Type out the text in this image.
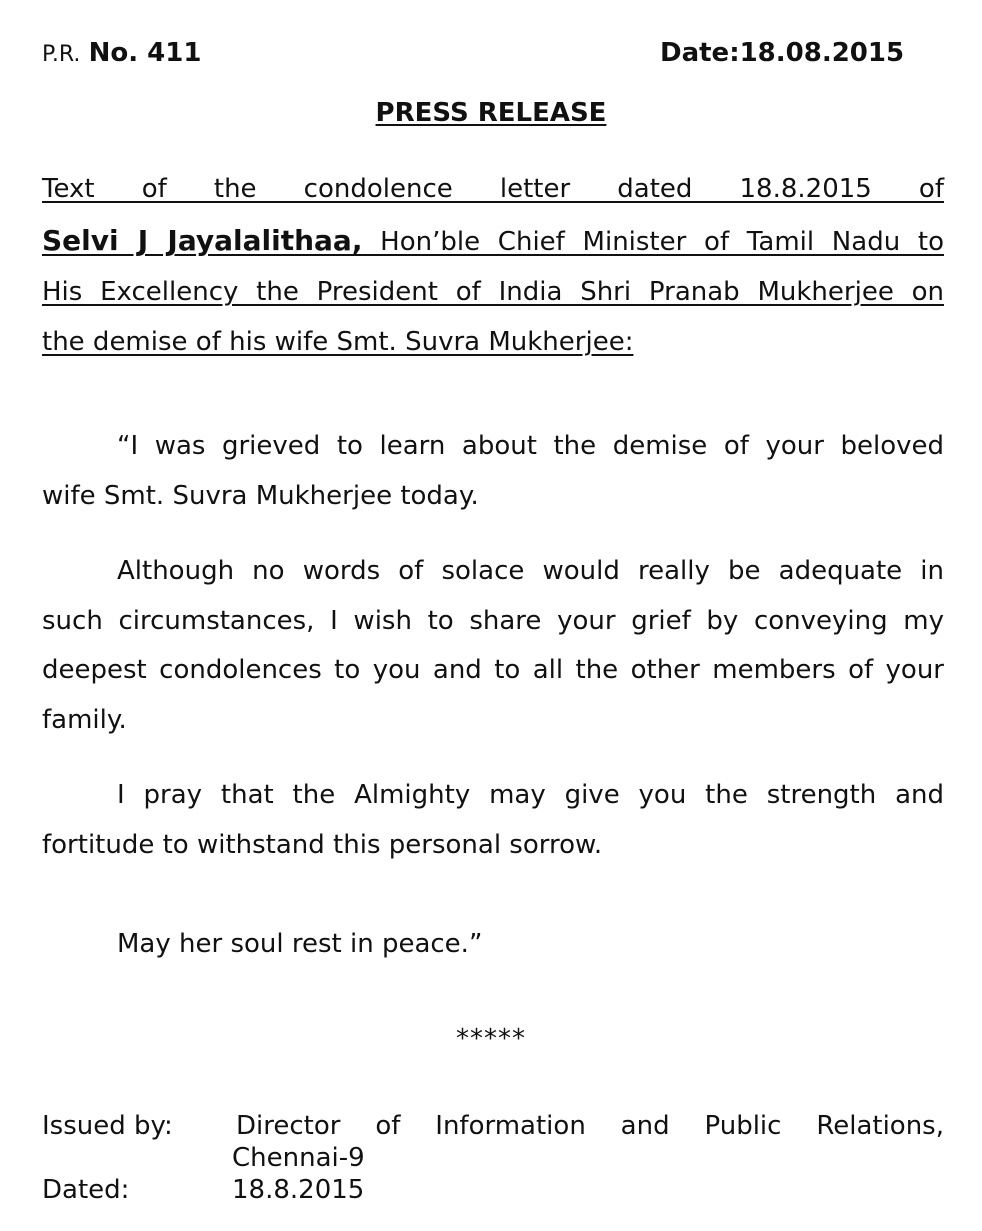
P.R. No. 411	Date:18.08.2015
PRESS RELEASE
Text of the condolence letter dated 18.8.2015 of
Selvi J Jayalalithaa, Hon’ble Chief Minister of Tamil Nadu to
His Excellency the President of India Shri Pranab Mukherjee on
the demise of his wife Smt. Suvra Mukherjee:
“I was grieved to learn about the demise of your beloved
wife Smt. Suvra Mukherjee today.
Although no words of solace would really be adequate in
such circumstances, I wish to share your grief by conveying my
deepest condolences to you and to all the other members of your
family.
I pray that the Almighty may give you the strength and
fortitude to withstand this personal sorrow.
May her soul rest in peace.”
*****
Issued by:	Director of Information and Public Relations,
Chennai-9
Dated:	18.8.2015
